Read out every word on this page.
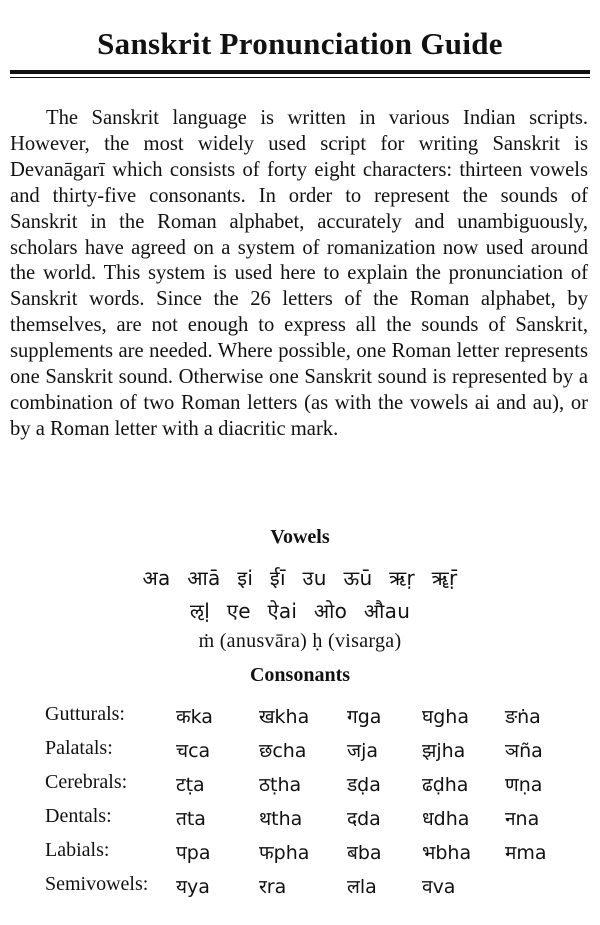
Sanskrit Pronunciation Guide
The Sanskrit language is written in various Indian scripts. However, the most widely used script for writing Sanskrit is Devanāgarī which consists of forty eight characters: thirteen vowels and thirty-five consonants. In order to represent the sounds of Sanskrit in the Roman alphabet, accurately and unambiguously, scholars have agreed on a system of romanization now used around the world. This system is used here to explain the pronunciation of Sanskrit words. Since the 26 letters of the Roman alphabet, by themselves, are not enough to express all the sounds of Sanskrit, supplements are needed. Where possible, one Roman letter represents one Sanskrit sound. Otherwise one Sanskrit sound is represented by a combination of two Roman letters (as with the vowels ai and au), or by a Roman letter with a diacritic mark.
Vowels
अa आā इi ईī उu ऊū ऋṛ ॠṝ
ऌḷ एe ऐai ओo औau
ṁ (anusvāra) ḥ (visarga)
Consonants
Gutturals:	कka खkha गga घgha ङṅa
Palatals:	चca	छcha जja झjha ञña
Cerebrals:	टṭa	ठṭha डḍa ढḍha णṇa
Dentals:	तta	थtha दda धdha नna
Labials:	पpa	फpha बba भbha मma
Semivowels: यya	रra	लla वva
